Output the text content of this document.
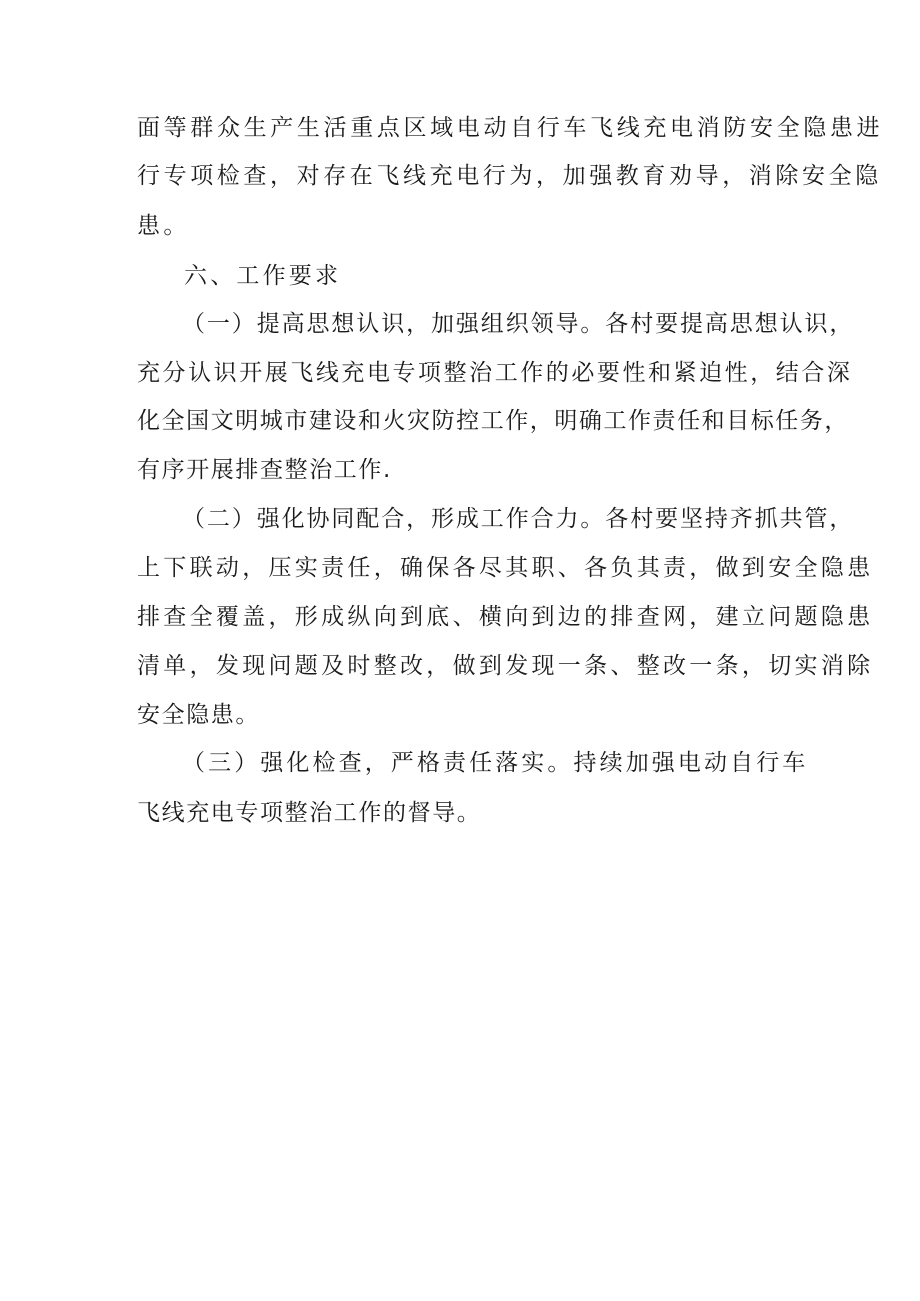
面等群众生产生活重点区域电动自行车飞线充电消防安全隐患进
行专项检查，对存在飞线充电行为，加强教育劝导，消除安全隐
患。
六、工作要求
（一）提高思想认识，加强组织领导。各村要提高思想认识，
充分认识开展飞线充电专项整治工作的必要性和紧迫性，结合深
化全国文明城市建设和火灾防控工作，明确工作责任和目标任务，
有序开展排查整治工作.
（二）强化协同配合，形成工作合力。各村要坚持齐抓共管，
上下联动，压实责任，确保各尽其职、各负其责，做到安全隐患
排查全覆盖，形成纵向到底、横向到边的排查网，建立问题隐患
清单，发现问题及时整改，做到发现一条、整改一条，切实消除
安全隐患。
（三）强化检查，严格责任落实。持续加强电动自行车
飞线充电专项整治工作的督导。
